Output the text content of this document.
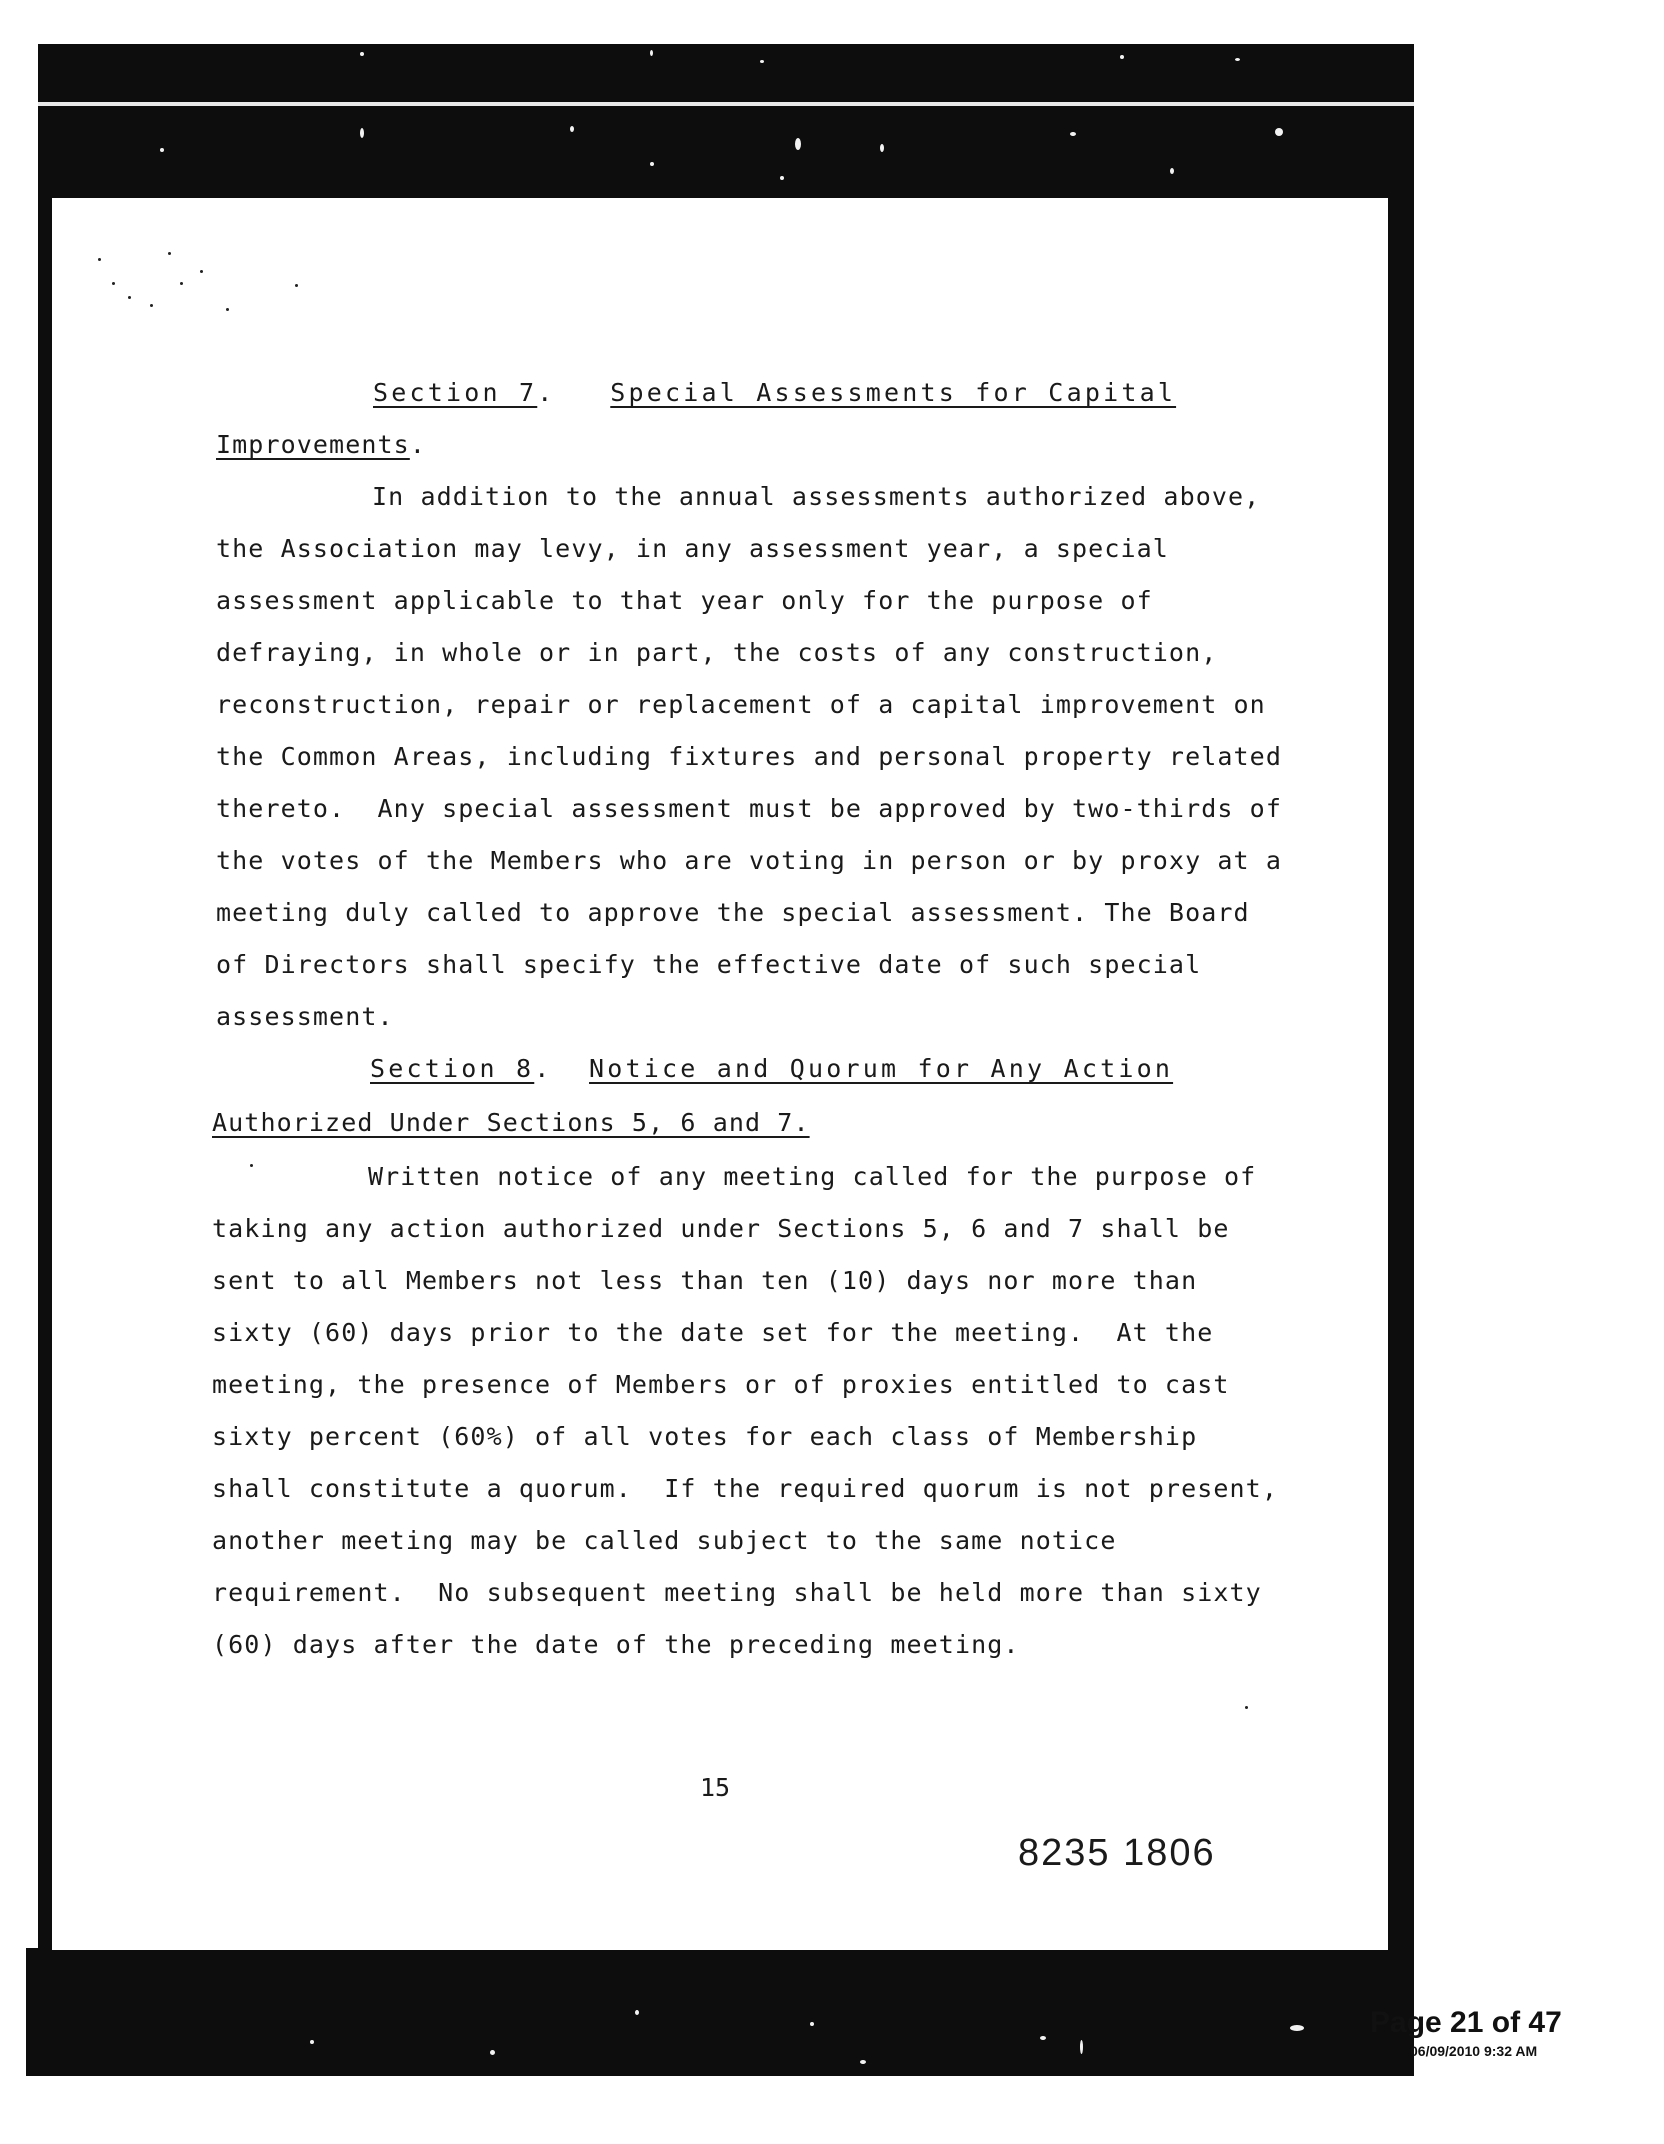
Section 7.   Special Assessments for Capital
Improvements.
In addition to the annual assessments authorized above,
the Association may levy, in any assessment year, a special
assessment applicable to that year only for the purpose of
defraying, in whole or in part, the costs of any construction,
reconstruction, repair or replacement of a capital improvement on
the Common Areas, including fixtures and personal property related
thereto.  Any special assessment must be approved by two-thirds of
the votes of the Members who are voting in person or by proxy at a
meeting duly called to approve the special assessment. The Board
of Directors shall specify the effective date of such special
assessment.
Section 8.  Notice and Quorum for Any Action
Authorized Under Sections 5, 6 and 7.
Written notice of any meeting called for the purpose of
taking any action authorized under Sections 5, 6 and 7 shall be
sent to all Members not less than ten (10) days nor more than
sixty (60) days prior to the date set for the meeting.  At the
meeting, the presence of Members or of proxies entitled to cast
sixty percent (60%) of all votes for each class of Membership
shall constitute a quorum.  If the required quorum is not present,
another meeting may be called subject to the same notice
requirement.  No subsequent meeting shall be held more than sixty
(60) days after the date of the preceding meeting.
15
8235 1806
Page 21 of 47
06/09/2010 9:32 AM
